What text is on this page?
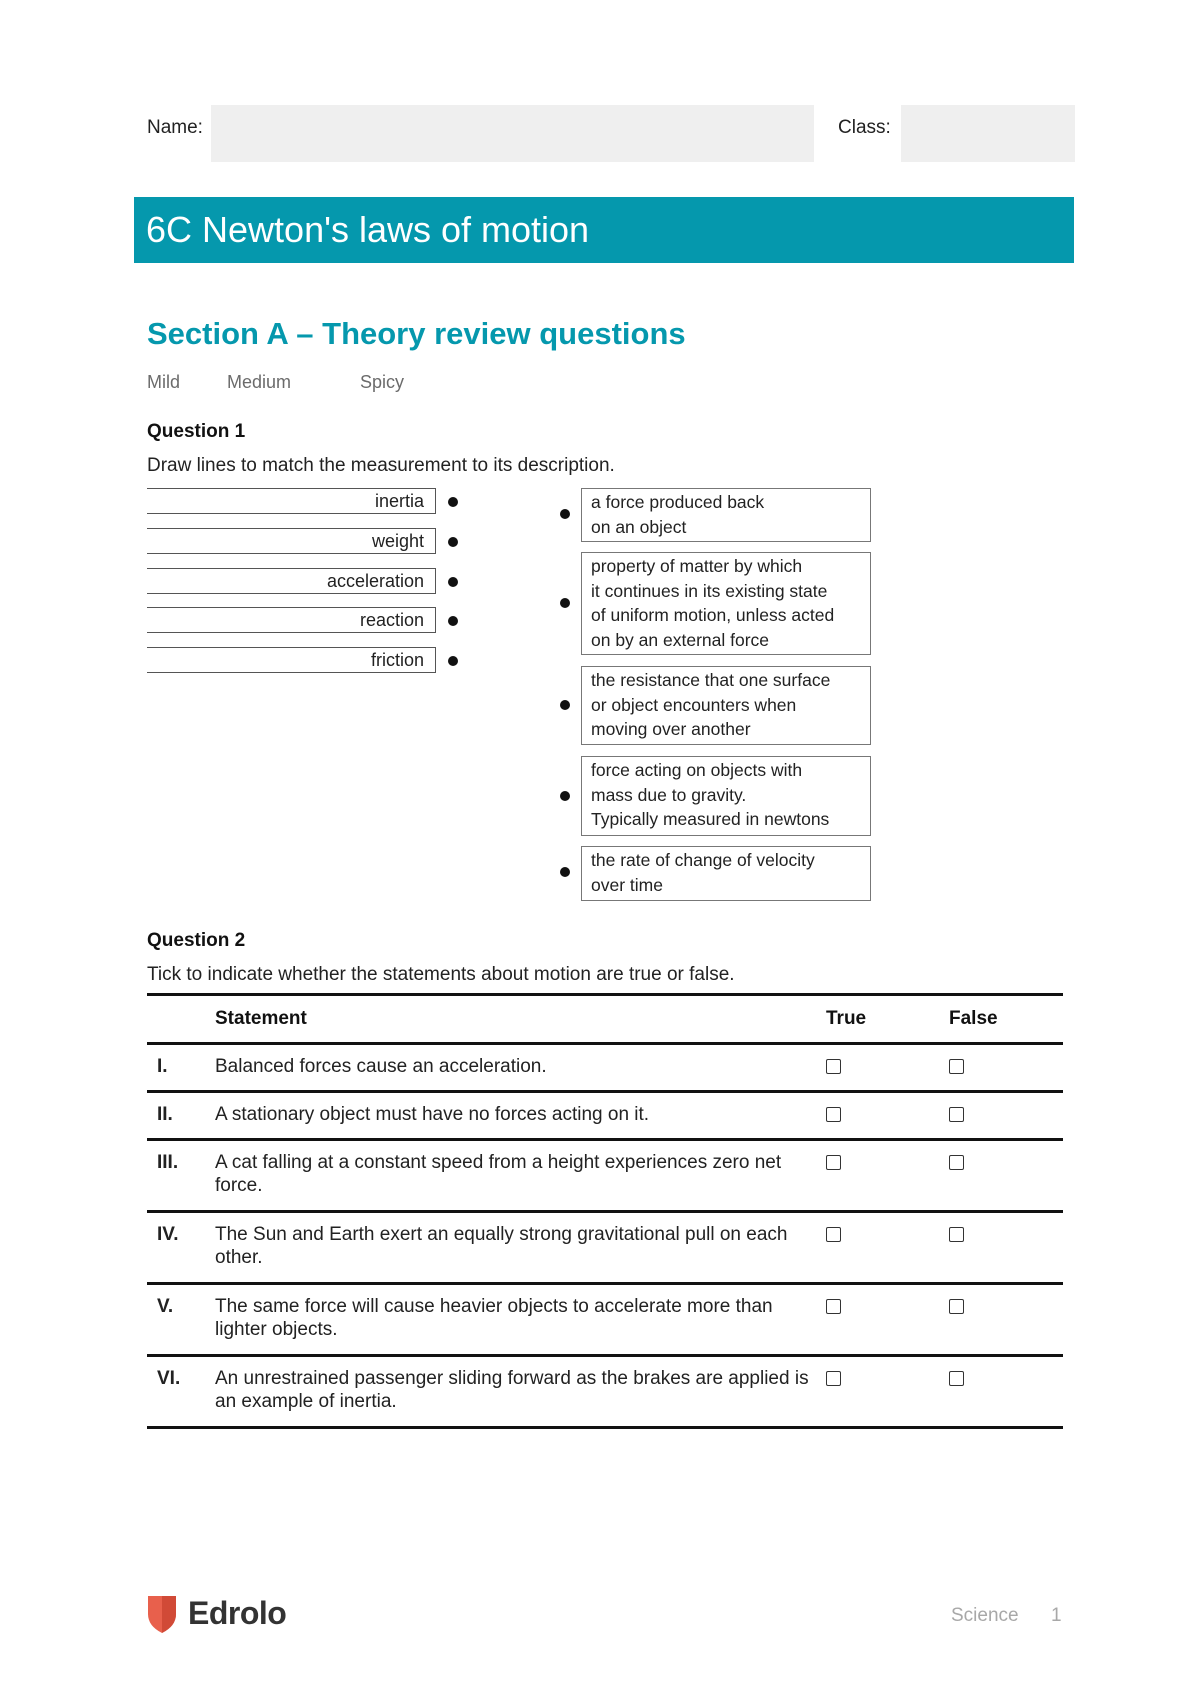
Name:	Class:
6C Newton's laws of motion
Section A – Theory review questions
Mild	Medium	Spicy
Question 1
Draw lines to match the measurement to its description.
inertia
weight
acceleration
reaction
friction
a force produced back
on an object
property of matter by which
it continues in its existing state
of uniform motion, unless acted
on by an external force
the resistance that one surface
or object encounters when
moving over another
force acting on objects with
mass due to gravity.
Typically measured in newtons
the rate of change of velocity
over time
Question 2
Tick to indicate whether the statements about motion are true or false.
	Statement	True	False
I.	Balanced forces cause an acceleration.		
II.	A stationary object must have no forces acting on it.		
III.	A cat falling at a constant speed from a height experiences zero net force.		
IV.	The Sun and Earth exert an equally strong gravitational pull on each other.		
V.	The same force will cause heavier objects to accelerate more than lighter objects.		
VI.	An unrestrained passenger sliding forward as the brakes are applied is an example of inertia.		
Edrolo	Science 1
